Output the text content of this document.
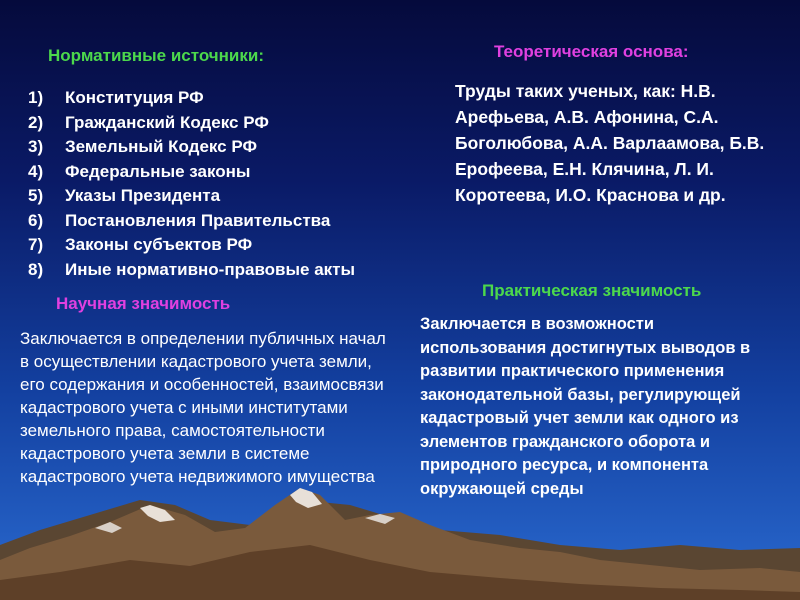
Нормативные источники:
1) Конституция РФ
2) Гражданский Кодекс РФ
3) Земельный Кодекс РФ
4) Федеральные законы
5) Указы Президента
6) Постановления Правительства
7) Законы субъектов РФ
8) Иные нормативно-правовые акты
Теоретическая основа:

Труды таких ученых, как: Н.В. Арефьева, А.В. Афонина, С.А. Боголюбова, А.А. Варлаамова, Б.В. Ерофеева, Е.Н. Клячина, Л. И. Коротеева, И.О. Краснова и др.

Научная значимость

Заключается в определении публичных начал в осуществлении кадастрового учета земли, его содержания и особенностей, взаимосвязи кадастрового учета с иными институтами земельного права, самостоятельности кадастрового учета земли в системе кадастрового учета недвижимого имущества

Практическая значимость

Заключается в возможности использования достигнутых выводов в развитии практического применения законодательной базы, регулирующей кадастровый учет земли как одного из элементов гражданского оборота и природного ресурса, и компонента окружающей среды
